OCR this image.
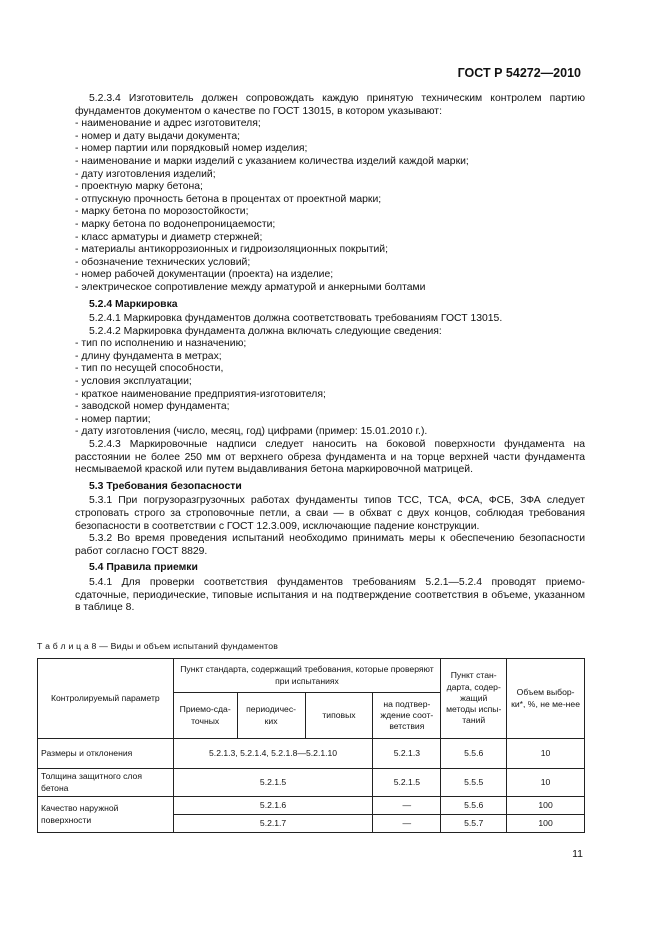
ГОСТ Р 54272—2010

5.2.3.4 Изготовитель должен сопровождать каждую принятую техническим контролем партию фундаментов документом о качестве по ГОСТ 13015, в котором указывают:

- наименование и адрес изготовителя;

- номер и дату выдачи документа;

- номер партии или порядковый номер изделия;

- наименование и марки изделий с указанием количества изделий каждой марки;

- дату изготовления изделий;

- проектную марку бетона;

- отпускную прочность бетона в процентах от проектной марки;

- марку бетона по морозостойкости;

- марку бетона по водонепроницаемости;

- класс арматуры и диаметр стержней;

- материалы антикоррозионных и гидроизоляционных покрытий;

- обозначение технических условий;

- номер рабочей документации (проекта) на изделие;

- электрическое сопротивление между арматурой и анкерными болтами

5.2.4 Маркировка

5.2.4.1 Маркировка фундаментов должна соответствовать требованиям ГОСТ 13015.

5.2.4.2 Маркировка фундамента должна включать следующие сведения:

- тип по исполнению и назначению;

- длину фундамента в метрах;

- тип по несущей способности,

- условия эксплуатации;

- краткое наименование предприятия-изготовителя;

- заводской номер фундамента;

- номер партии;

- дату изготовления (число, месяц, год) цифрами (пример: 15.01.2010 г.).

5.2.4.3 Маркировочные надписи следует наносить на боковой поверхности фундамента на расстоянии не более 250 мм от верхнего обреза фундамента и на торце верхней части фундамента несмываемой краской или путем выдавливания бетона маркировочной матрицей.

5.3 Требования безопасности

5.3.1 При погрузоразгрузочных работах фундаменты типов ТСС, ТСА, ФСА, ФСБ, ЗФА следует строповать строго за строповочные петли, а сваи — в обхват с двух концов, соблюдая требования безопасности в соответствии с ГОСТ 12.3.009, исключающие падение конструкции.

5.3.2 Во время проведения испытаний необходимо принимать меры к обеспечению безопасности работ согласно ГОСТ 8829.

5.4 Правила приемки

5.4.1 Для проверки соответствия фундаментов требованиям 5.2.1—5.2.4 проводят приемо-сдаточные, периодические, типовые испытания и на подтверждение соответствия в объеме, указанном в таблице 8.

Т а б л и ц а 8 — Виды и объем испытаний фундаментов
Контролируемый параметр	Пункт стандарта, содержащий требования, которые проверяют при испытаниях				Пункт стан-дарта, содер-жащий методы испы-таний	Объем выбор-ки*, %, не ме-нее
	Приемо-сда-точных	периодичес-ких	типовых	на подтвер-ждение соот-ветствия		
Размеры и отклонения	5.2.1.3, 5.2.1.4, 5.2.1.8—5.2.1.10			5.2.1.3	5.5.6	10
Толщина защитного слоя бетона	5.2.1.5			5.2.1.5	5.5.5	10
Качество наружной поверхности	5.2.1.6			—	5.5.6	100
	5.2.1.7			—	5.5.7	100
11
